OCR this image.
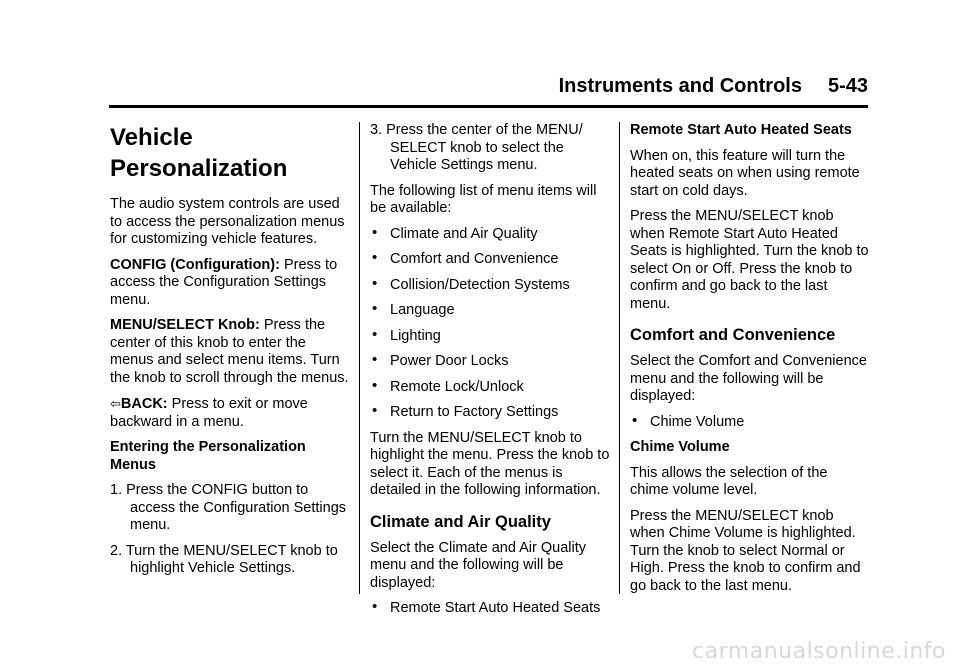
Instruments and Controls 5-43
Vehicle Personalization

The audio system controls are used to access the personalization menus for customizing vehicle features.

CONFIG (Configuration): Press to access the Configuration Settings menu.

MENU/SELECT Knob: Press the center of this knob to enter the menus and select menu items. Turn the knob to scroll through the menus.

⇦BACK: Press to exit or move backward in a menu.

Entering the Personalization Menus

1. Press the CONFIG button to access the Configuration Settings menu.

2. Turn the MENU/SELECT knob to highlight Vehicle Settings.

3. Press the center of the MENU/ SELECT knob to select the Vehicle Settings menu.

The following list of menu items will be available:

• Climate and Air Quality
• Comfort and Convenience
• Collision/Detection Systems
• Language
• Lighting
• Power Door Locks
• Remote Lock/Unlock
• Return to Factory Settings

Turn the MENU/SELECT knob to highlight the menu. Press the knob to select it. Each of the menus is detailed in the following information.

Climate and Air Quality

Select the Climate and Air Quality menu and the following will be displayed:

• Remote Start Auto Heated Seats

Remote Start Auto Heated Seats

When on, this feature will turn the heated seats on when using remote start on cold days.

Press the MENU/SELECT knob when Remote Start Auto Heated Seats is highlighted. Turn the knob to select On or Off. Press the knob to confirm and go back to the last menu.

Comfort and Convenience

Select the Comfort and Convenience menu and the following will be displayed:

• Chime Volume

Chime Volume

This allows the selection of the chime volume level.

Press the MENU/SELECT knob when Chime Volume is highlighted. Turn the knob to select Normal or High. Press the knob to confirm and go back to the last menu.

carmanualsonline.info
